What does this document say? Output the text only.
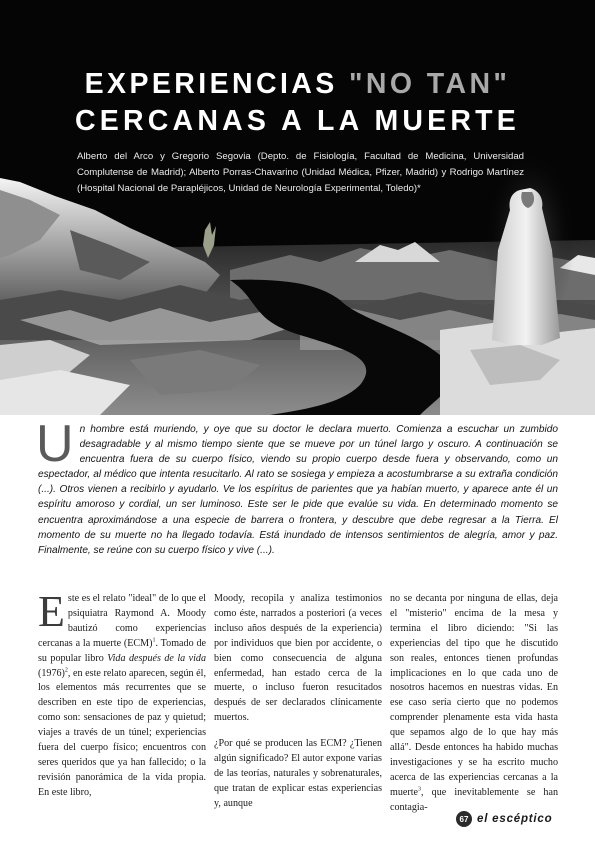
EXPERIENCIAS "NO TAN"
CERCANAS A LA MUERTE
Alberto del Arco y Gregorio Segovia (Depto. de Fisiología, Facultad de Medicina, Universidad Complutense de Madrid); Alberto Porras-Chavarino (Unidad Médica, Pfizer, Madrid) y Rodrigo Martínez (Hospital Nacional de Parapléjicos, Unidad de Neurología Experimental, Toledo)*
Un hombre está muriendo, y oye que su doctor le declara muerto. Comienza a escuchar un zumbido desagradable y al mismo tiempo siente que se mueve por un túnel largo y oscuro. A continuación se encuentra fuera de su cuerpo físico, viendo su propio cuerpo desde fuera y observando, como un espectador, al médico que intenta resucitarlo. Al rato se sosiega y empieza a acostumbrarse a su extraña condición (...). Otros vienen a recibirlo y ayudarlo. Ve los espíritus de parientes que ya habían muerto, y aparece ante él un espíritu amoroso y cordial, un ser luminoso. Este ser le pide que evalúe su vida. En determinado momento se encuentra aproximándose a una especie de barrera o frontera, y descubre que debe regresar a la Tierra. El momento de su muerte no ha llegado todavía. Está inundado de intensos sentimientos de alegría, amor y paz. Finalmente, se reúne con su cuerpo físico y vive (...).

Este es el relato "ideal" de lo que el psiquiatra Raymond A. Moody bautizó como experiencias cercanas a la muerte (ECM)$^1$. Tomado de su popular libro Vida después de la vida $(1976)^2$, en este relato aparecen, según él, los elementos más recurrentes que se describen en este tipo de experiencias, como son: sensaciones de paz y quietud; viajes a través de un túnel; experiencias fuera del cuerpo físico; encuentros con seres queridos que ya han fallecido; o la revisión panorámica de la vida propia. En este libro,

Moody, recopila y analiza testimonios como éste, narrados a posteriori (a veces incluso años después de la experiencia) por individuos que bien por accidente, o bien como consecuencia de alguna enfermedad, han estado cerca de la muerte, o incluso fueron resucitados después de ser declarados clínicamente muertos.

¿Por qué se producen las ECM? ¿Tienen algún significado? El autor expone varias de las teorías, naturales y sobrenaturales, que tratan de explicar estas experiencias y, aunque

no se decanta por ninguna de ellas, deja el "misterio" encima de la mesa y termina el libro diciendo: "Si las experiencias del tipo que he discutido son reales, entonces tienen profundas implicaciones en lo que cada uno de nosotros hacemos en nuestras vidas. En ese caso sería cierto que no podemos comprender plenamente esta vida hasta que sepamos algo de lo que hay más allá". Desde entonces ha habido muchas investigaciones y se ha escrito mucho acerca de las experiencias cercanas a la muerte$^3$, que inevitablemente se han contagia-

67 el escéptico
